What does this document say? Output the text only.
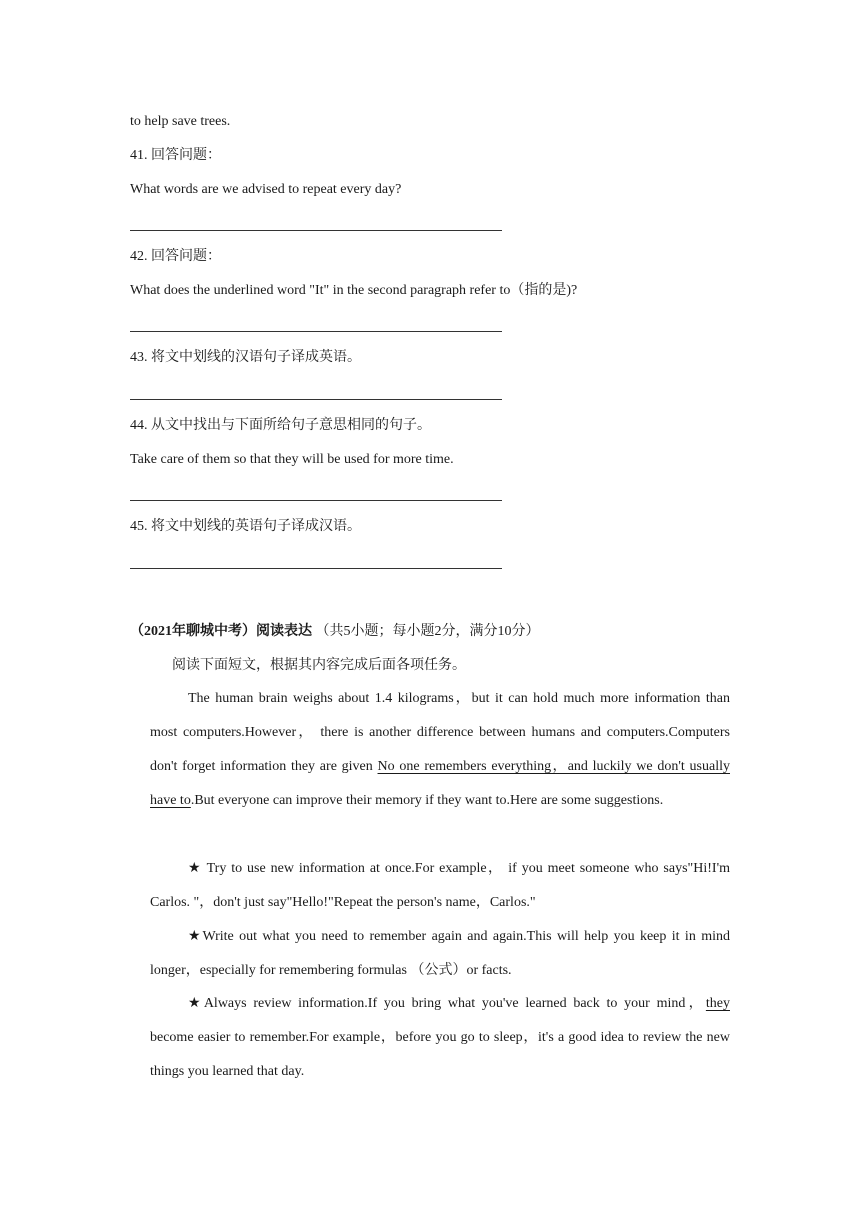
to help save trees.
41. 回答问题：
What words are we advised to repeat every day?
42. 回答问题：
What does the underlined word "It" in the second paragraph refer to（指的是)?
43. 将文中划线的汉语句子译成英语。
44. 从文中找出与下面所给句子意思相同的句子。
Take care of them so that they will be used for more time.
45. 将文中划线的英语句子译成汉语。
（2021年聊城中考）阅读表达 （共5小题；每小题2分，满分10分）
阅读下面短文，根据其内容完成后面各项任务。
The human brain weighs about 1.4 kilograms，but it can hold much more information than most computers.However， there is another difference between humans and computers.Computers don't forget information they are given No one remembers everything，and luckily we don't usually have to.But everyone can improve their memory if they want to.Here are some suggestions.
★ Try to use new information at once.For example， if you meet someone who says"Hi!I'm Carlos. "，don't just say"Hello!"Repeat the person's name，Carlos."
★Write out what you need to remember again and again.This will help you keep it in mind longer，especially for remembering formulas （公式）or facts.
★Always review information.If you bring what you've learned back to your mind，they become easier to remember.For example，before you go to sleep，it's a good idea to review the new things you learned that day.
